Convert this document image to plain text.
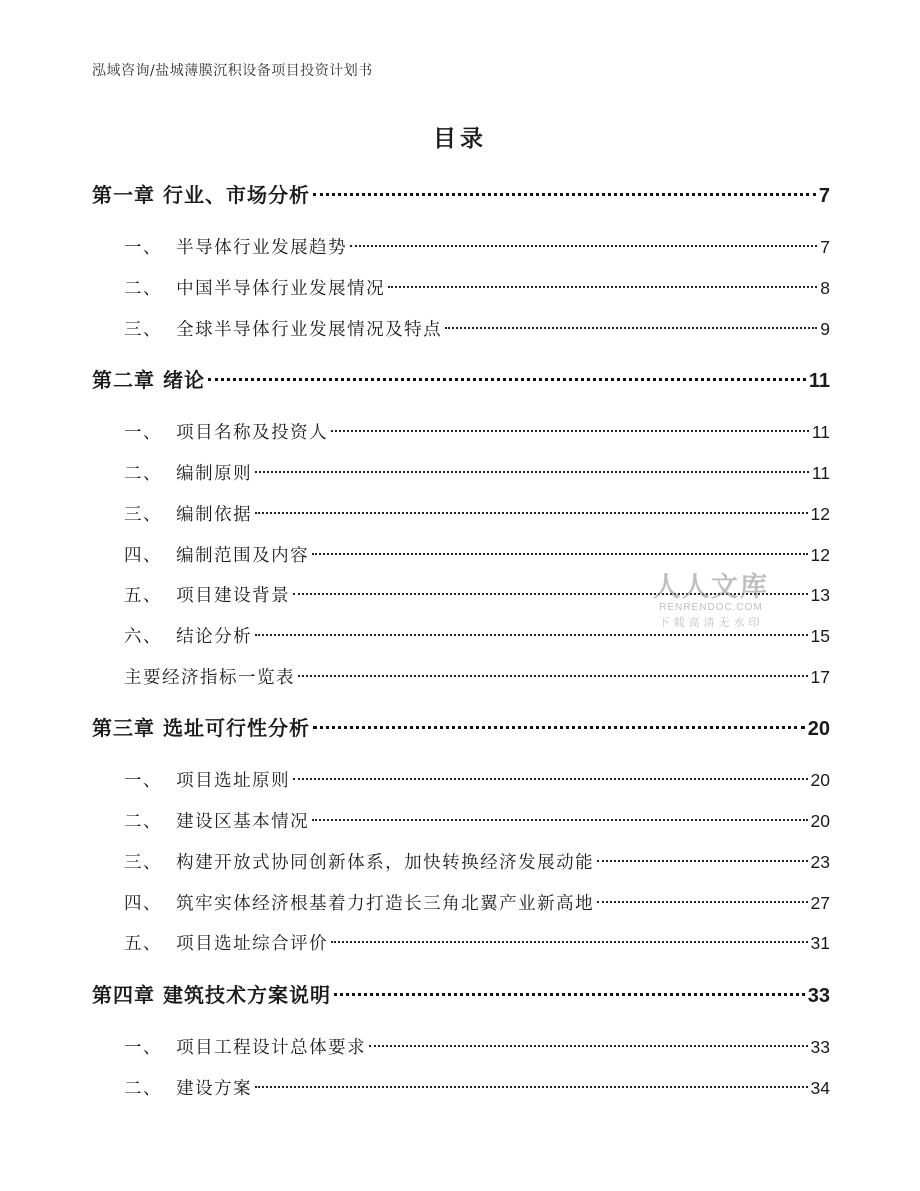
泓域咨询/盐城薄膜沉积设备项目投资计划书
目录
第一章 行业、市场分析	7
一、  半导体行业发展趋势	7
二、  中国半导体行业发展情况	8
三、  全球半导体行业发展情况及特点	9
第二章 绪论	11
一、  项目名称及投资人	11
二、  编制原则	11
三、  编制依据	12
四、  编制范围及内容	12
五、  项目建设背景	13
六、  结论分析	15
主要经济指标一览表	17
第三章 选址可行性分析	20
一、  项目选址原则	20
二、  建设区基本情况	20
三、  构建开放式协同创新体系，加快转换经济发展动能	23
四、  筑牢实体经济根基着力打造长三角北翼产业新高地	27
五、  项目选址综合评价	31
第四章 建筑技术方案说明	33
一、  项目工程设计总体要求	33
二、  建设方案	34
人人文库
RENRENDOC.COM
下载高清无水印
